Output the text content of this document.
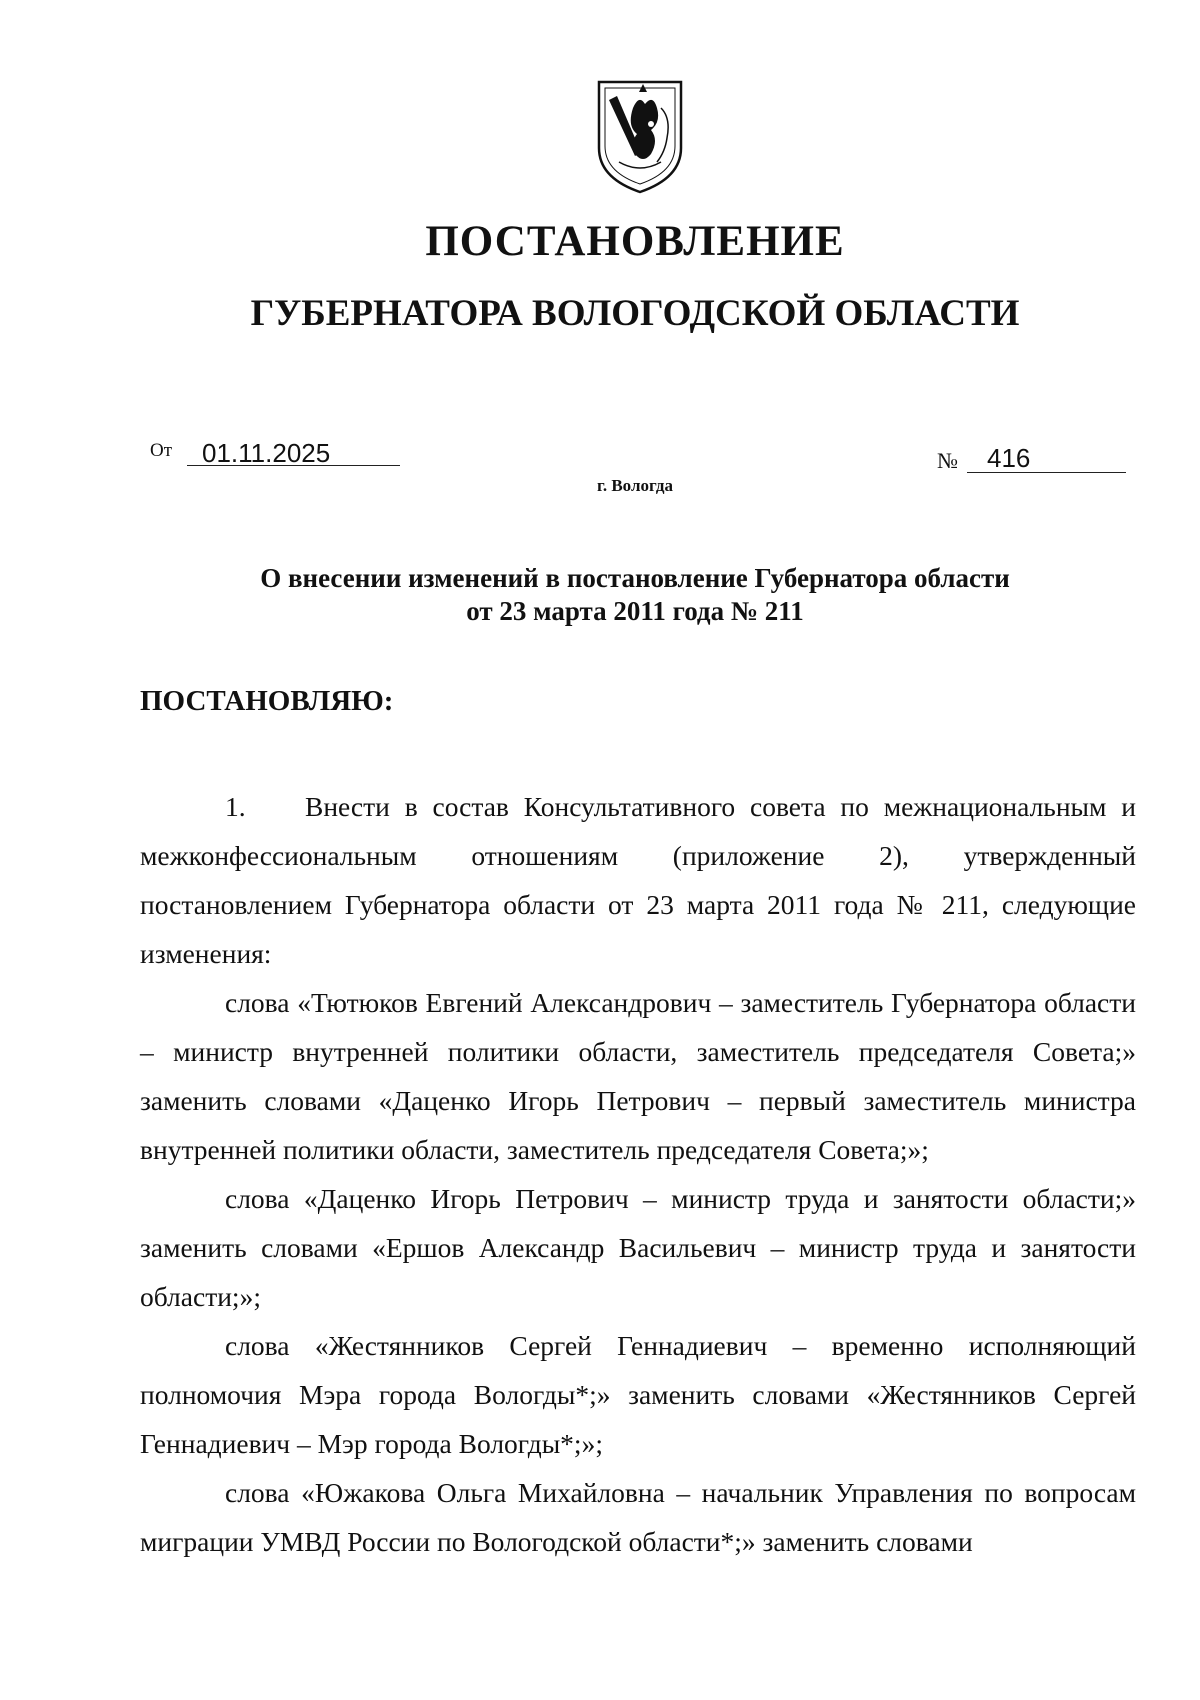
ПОСТАНОВЛЕНИЕ
ГУБЕРНАТОРА ВОЛОГОДСКОЙ ОБЛАСТИ
От 01.11.2025	№ 416
г. Вологда
О внесении изменений в постановление Губернатора области
от 23 марта 2011 года № 211
ПОСТАНОВЛЯЮ:

1.    Внести в состав Консультативного совета по межнациональным и межконфессиональным отношениям (приложение 2), утвержденный постановлением Губернатора области от 23 марта 2011 года № 211, следующие изменения:

слова «Тютюков Евгений Александрович – заместитель Губернатора области – министр внутренней политики области, заместитель председателя Совета;» заменить словами «Даценко Игорь Петрович – первый заместитель министра внутренней политики области, заместитель председателя Совета;»;

слова «Даценко Игорь Петрович – министр труда и занятости области;» заменить словами «Ершов Александр Васильевич – министр труда и занятости области;»;

слова «Жестянников Сергей Геннадиевич – временно исполняющий полномочия Мэра города Вологды*;» заменить словами «Жестянников Сергей Геннадиевич – Мэр города Вологды*;»;

слова «Южакова Ольга Михайловна – начальник Управления по вопросам миграции УМВД России по Вологодской области*;» заменить словами
